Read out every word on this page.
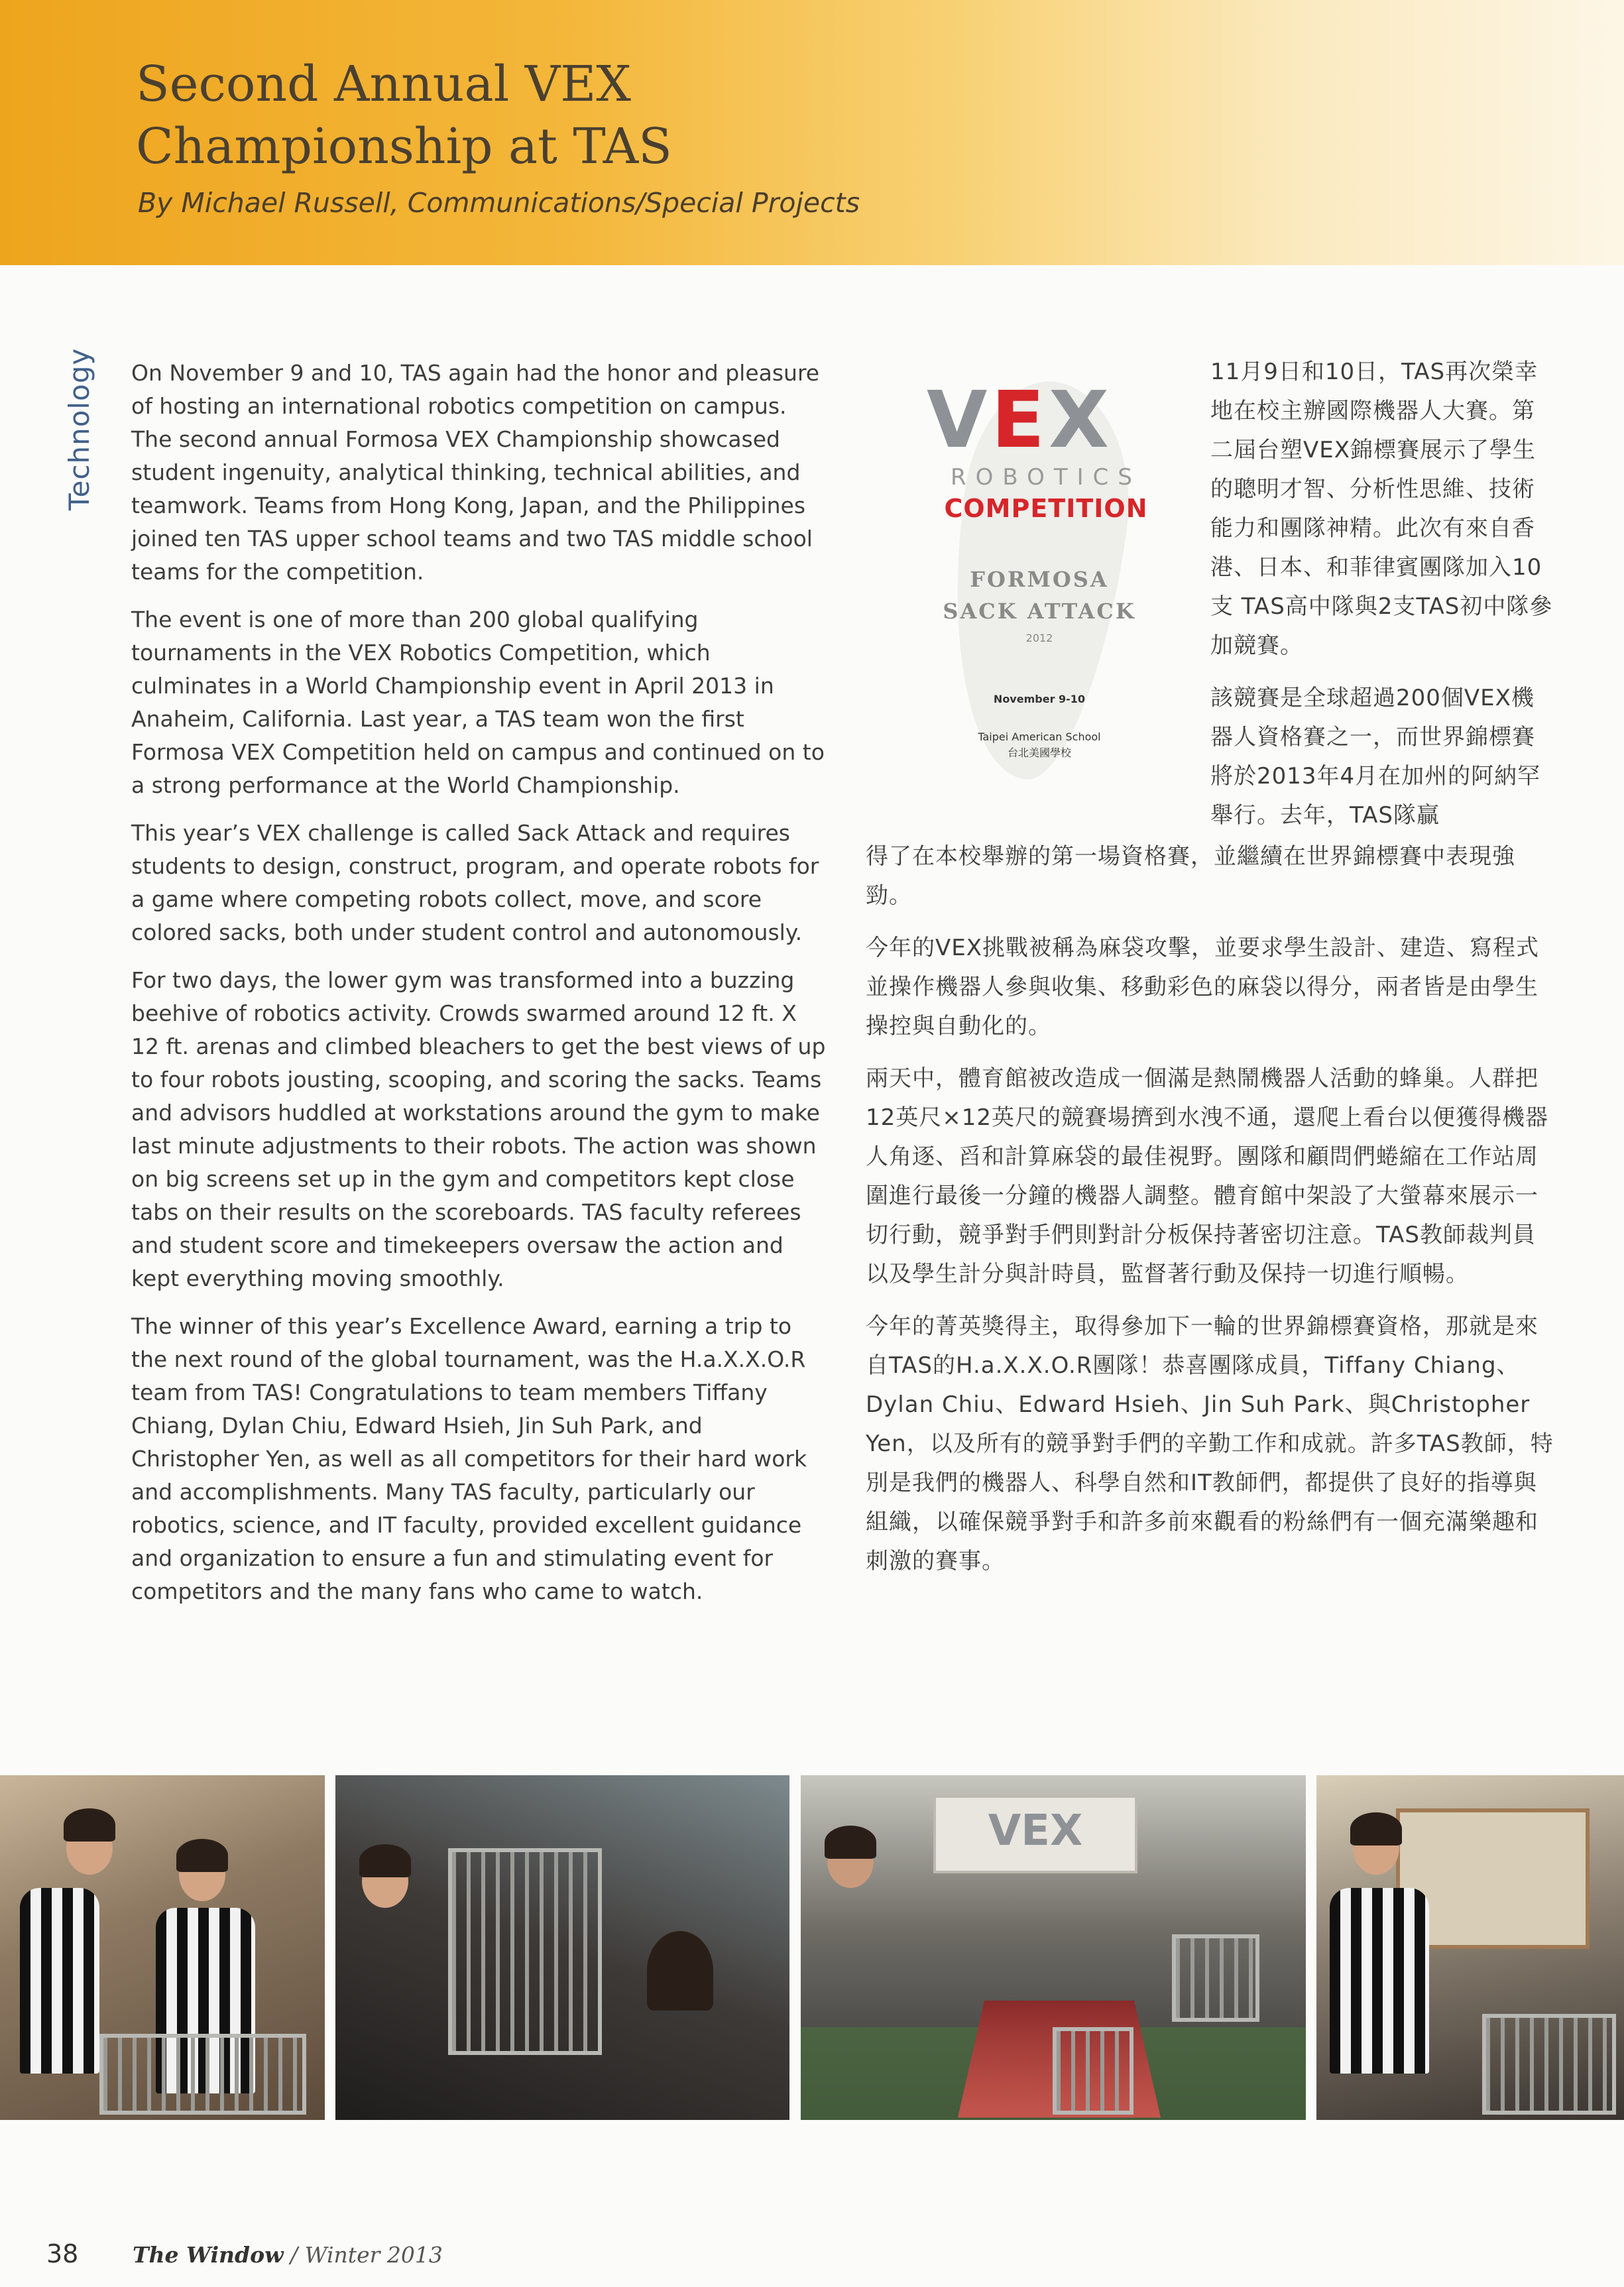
Second Annual VEX
Championship at TAS
By Michael Russell, Communications/Special Projects
Technology On November 9 and 10, TAS again had the honor and pleasure of hosting an international robotics competition on campus. The second annual Formosa VEX Championship showcased student ingenuity, analytical thinking, technical abilities, and teamwork. Teams from Hong Kong, Japan, and the Philippines joined ten TAS upper school teams and two TAS middle school teams for the competition.

The event is one of more than 200 global qualifying tournaments in the VEX Robotics Competition, which culminates in a World Championship event in April 2013 in Anaheim, California. Last year, a TAS team won the first Formosa VEX Competition held on campus and continued on to a strong performance at the World Championship.

This year’s VEX challenge is called Sack Attack and requires students to design, construct, program, and operate robots for a game where competing robots collect, move, and score colored sacks, both under student control and autonomously.

For two days, the lower gym was transformed into a buzzing beehive of robotics activity. Crowds swarmed around 12 ft. X 12 ft. arenas and climbed bleachers to get the best views of up to four robots jousting, scooping, and scoring the sacks. Teams and advisors huddled at workstations around the gym to make last minute adjustments to their robots. The action was shown on big screens set up in the gym and competitors kept close tabs on their results on the scoreboards. TAS faculty referees and student score and timekeepers oversaw the action and kept everything moving smoothly.

The winner of this year’s Excellence Award, earning a trip to the next round of the global tournament, was the H.a.X.X.O.R team from TAS! Congratulations to team members Tiffany Chiang, Dylan Chiu, Edward Hsieh, Jin Suh Park, and Christopher Yen, as well as all competitors for their hard work and accomplishments. Many TAS faculty, particularly our robotics, science, and IT faculty, provided excellent guidance and organization to ensure a fun and stimulating event for competitors and the many fans who came to watch.

VEX
ROBOTICS
COMPETITION
FORMOSA
SACK ATTACK
2012
November 9-10
Taipei American School
台北美國學校

11月9日和10日，TAS再次榮幸地在校主辦國際機器人大賽。第二屆台塑VEX錦標賽展示了學生的聰明才智、分析性思維、技術能力和團隊神精。此次有來自香港、日本、和菲律賓團隊加入10支 TAS高中隊與2支TAS初中隊參加競賽。

該競賽是全球超過200個VEX機器人資格賽之一，而世界錦標賽將於2013年4月在加州的阿納罕舉行。去年，TAS隊贏

得了在本校舉辦的第一場資格賽，並繼續在世界錦標賽中表現強勁。

今年的VEX挑戰被稱為麻袋攻擊，並要求學生設計、建造、寫程式並操作機器人參與收集、移動彩色的麻袋以得分，兩者皆是由學生操控與自動化的。

兩天中，體育館被改造成一個滿是熱鬧機器人活動的蜂巢。人群把12英尺×12英尺的競賽場擠到水洩不通，還爬上看台以便獲得機器人角逐、舀和計算麻袋的最佳視野。團隊和顧問們蜷縮在工作站周圍進行最後一分鐘的機器人調整。體育館中架設了大螢幕來展示一切行動，競爭對手們則對計分板保持著密切注意。TAS教師裁判員以及學生計分與計時員，監督著行動及保持一切進行順暢。

今年的菁英獎得主，取得參加下一輪的世界錦標賽資格，那就是來自TAS的H.a.X.X.O.R團隊！恭喜團隊成員，Tiffany Chiang、Dylan Chiu、Edward Hsieh、Jin Suh Park、與Christopher Yen，以及所有的競爭對手們的辛勤工作和成就。許多TAS教師，特別是我們的機器人、科學自然和IT教師們，都提供了良好的指導與組織，以確保競爭對手和許多前來觀看的粉絲們有一個充滿樂趣和刺激的賽事。

VEX
38 The Window / Winter 2013
